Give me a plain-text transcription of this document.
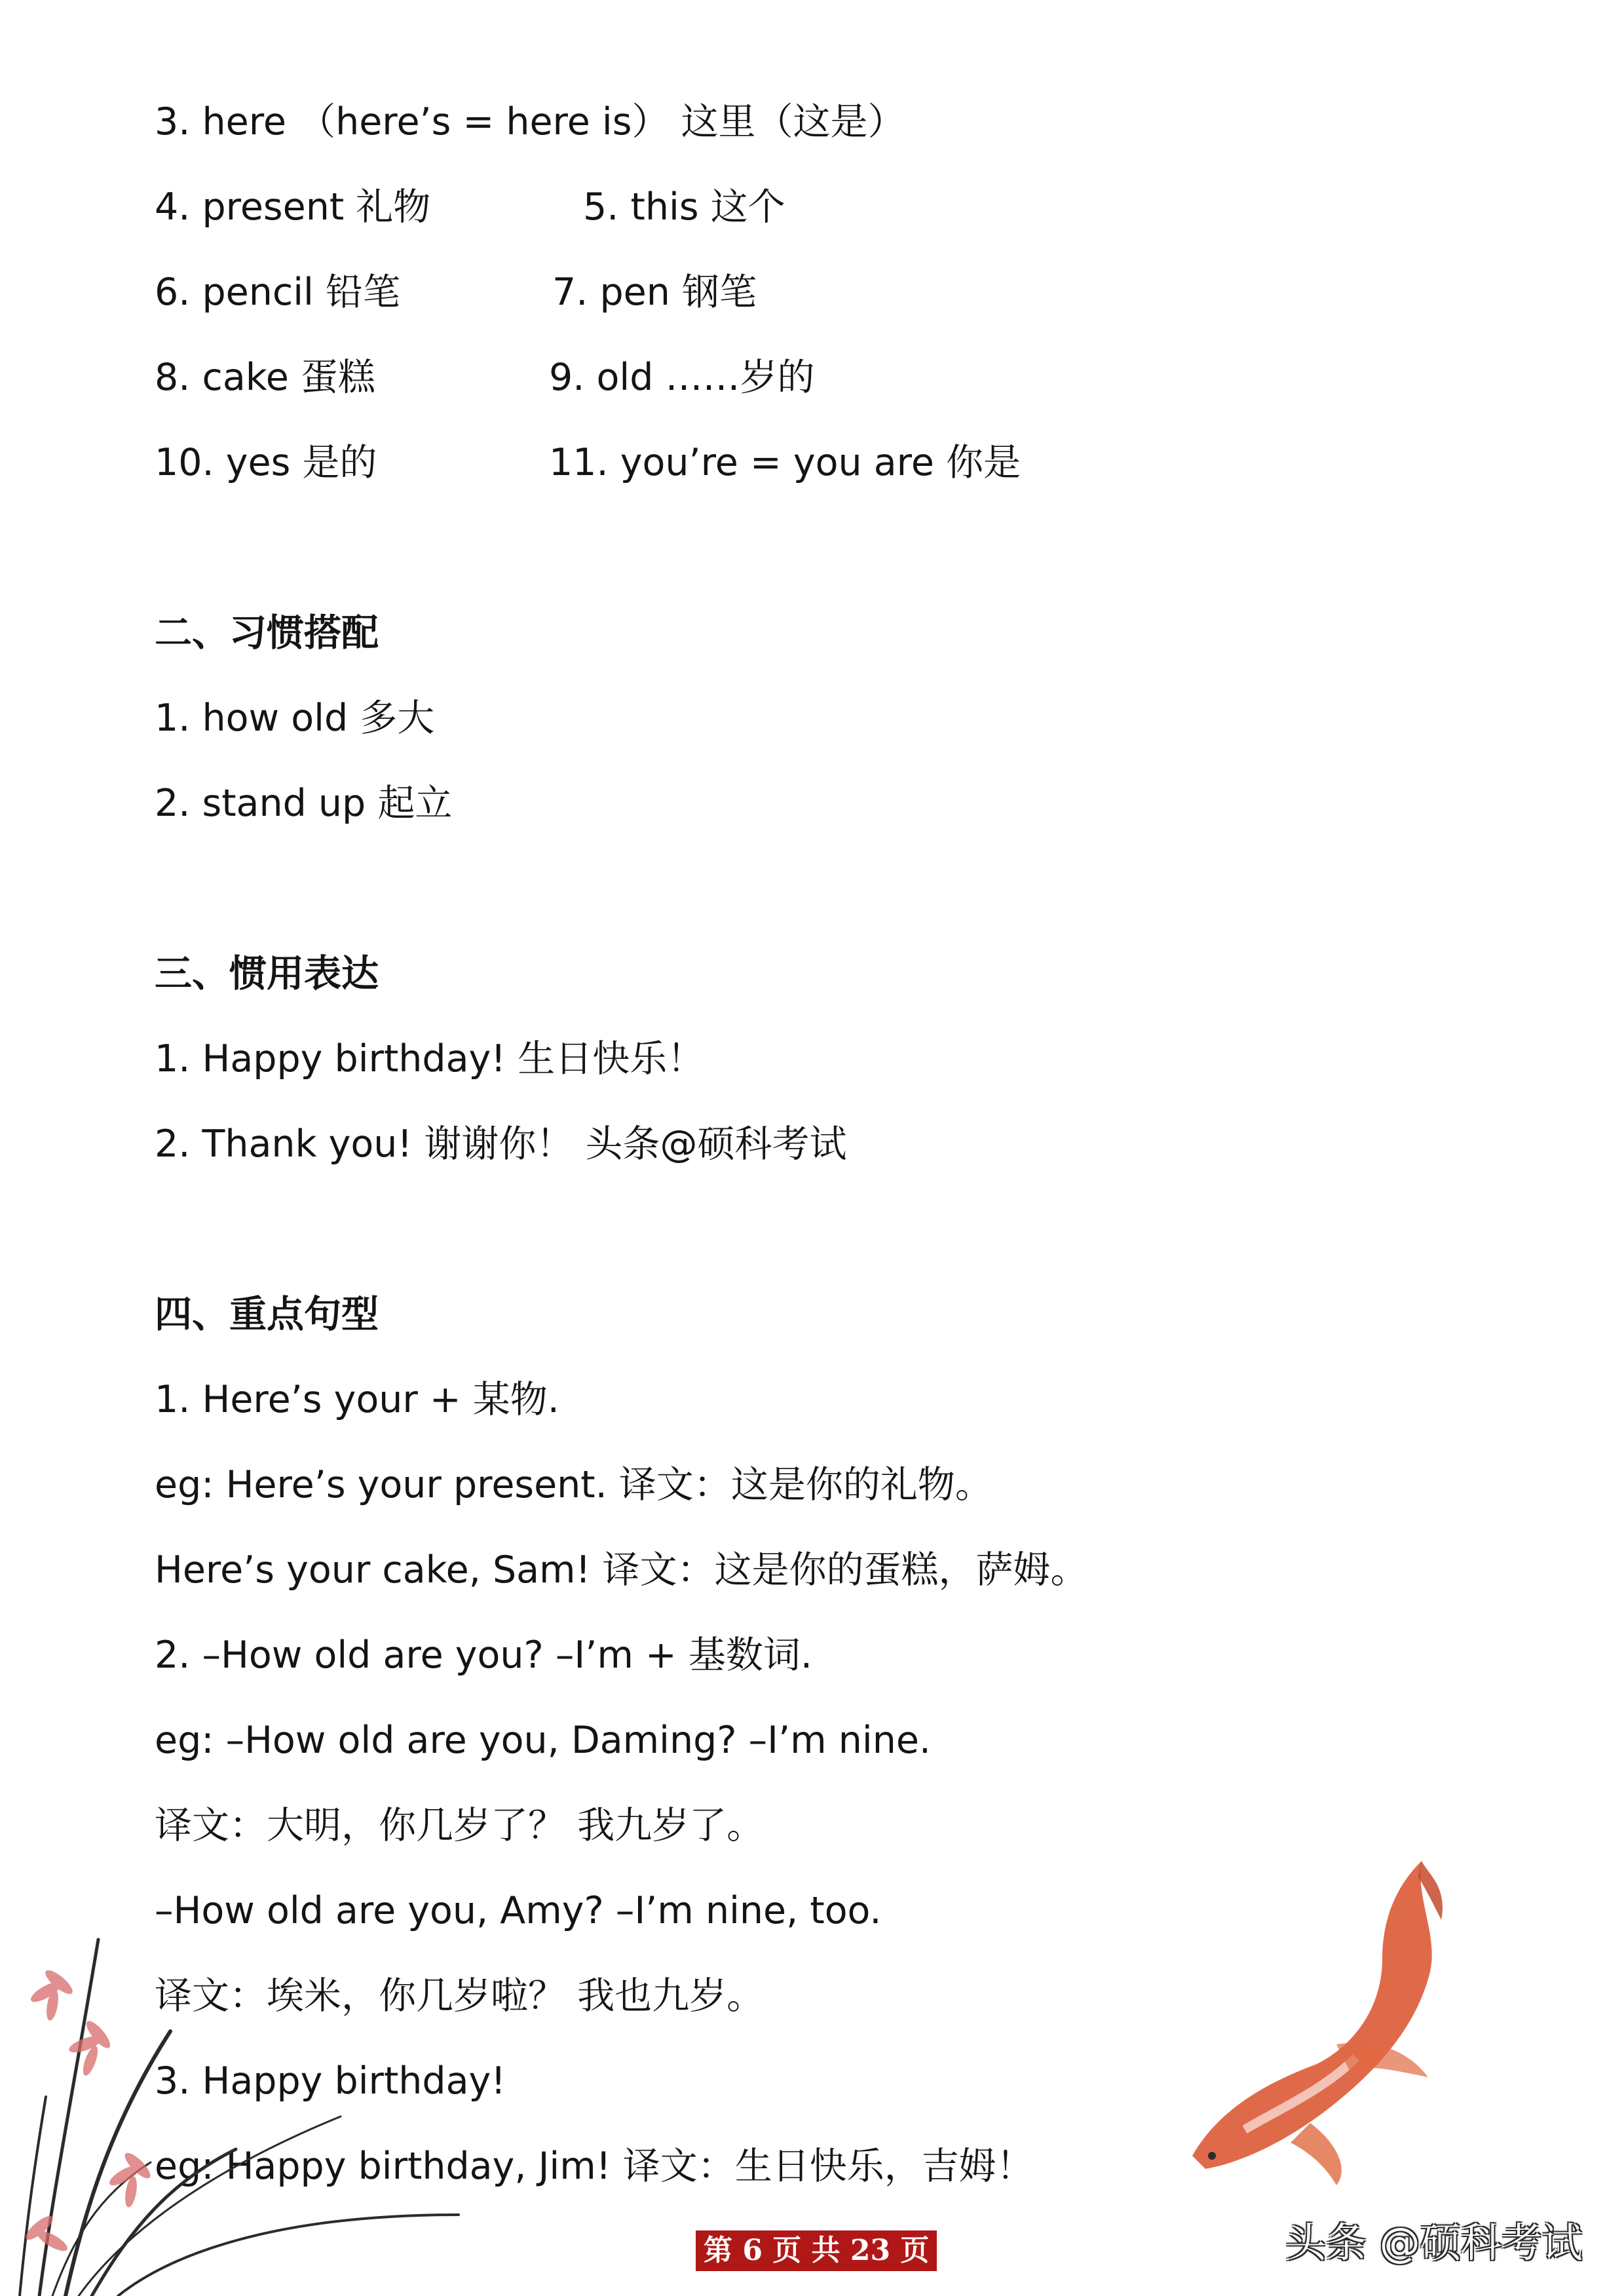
3. here （here’s = here is） 这里（这是）
4. present 礼物	5. this 这个
6. pencil 铅笔	7. pen 钢笔
8. cake 蛋糕	9. old ……岁的
10. yes 是的	11. you’re = you are 你是
二、习惯搭配
1. how old 多大
2. stand up 起立
三、惯用表达
1. Happy birthday! 生日快乐！
2. Thank you! 谢谢你！ 头条@硕科考试
四、重点句型
1. Here’s your + 某物.
eg: Here’s your present. 译文：这是你的礼物。
Here’s your cake, Sam! 译文：这是你的蛋糕，萨姆。
2. –How old are you? –I’m + 基数词.
eg: –How old are you, Daming? –I’m nine.
译文：大明，你几岁了？ 我九岁了。
–How old are you, Amy? –I’m nine, too.
译文：埃米，你几岁啦？ 我也九岁。
3. Happy birthday!
eg: Happy birthday, Jim! 译文：生日快乐，吉姆！
第 6 页 共 23 页	头条 @硕科考试
